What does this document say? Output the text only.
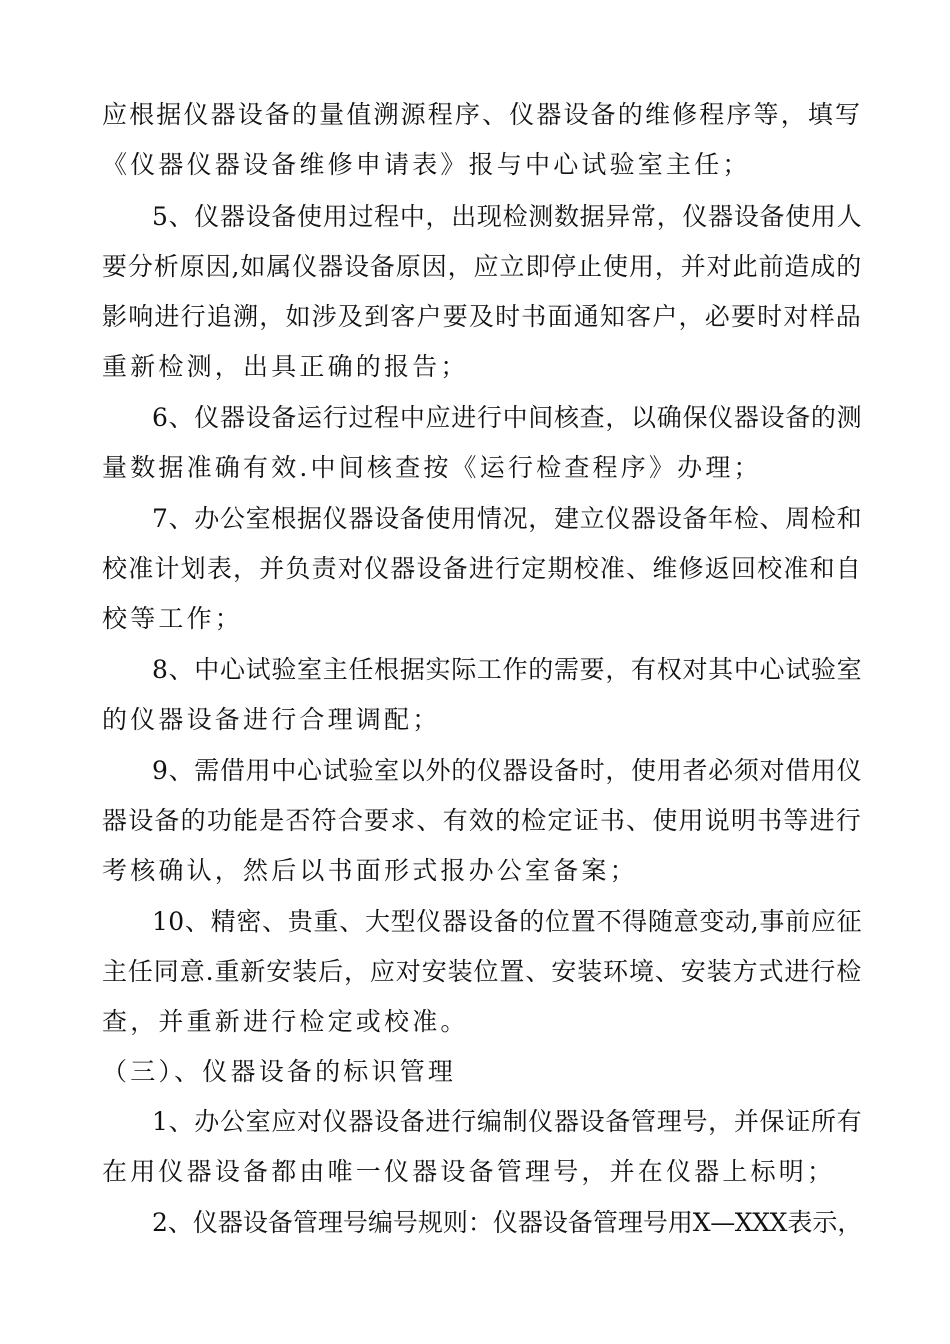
应根据仪器设备的量值溯源程序、仪器设备的维修程序等，填写
《仪器仪器设备维修申请表》报与中心试验室主任；
5、仪器设备使用过程中，出现检测数据异常，仪器设备使用人
要分析原因,如属仪器设备原因，应立即停止使用，并对此前造成的
影响进行追溯，如涉及到客户要及时书面通知客户，必要时对样品
重新检测，出具正确的报告；
6、仪器设备运行过程中应进行中间核查，以确保仪器设备的测
量数据准确有效.中间核查按《运行检查程序》办理；
7、办公室根据仪器设备使用情况，建立仪器设备年检、周检和
校准计划表，并负责对仪器设备进行定期校准、维修返回校准和自
校等工作；
8、中心试验室主任根据实际工作的需要，有权对其中心试验室
的仪器设备进行合理调配；
9、需借用中心试验室以外的仪器设备时，使用者必须对借用仪
器设备的功能是否符合要求、有效的检定证书、使用说明书等进行
考核确认，然后以书面形式报办公室备案；
10、精密、贵重、大型仪器设备的位置不得随意变动,事前应征
主任同意.重新安装后，应对安装位置、安装环境、安装方式进行检
查，并重新进行检定或校准。
（三）、仪器设备的标识管理
1、办公室应对仪器设备进行编制仪器设备管理号，并保证所有
在用仪器设备都由唯一仪器设备管理号，并在仪器上标明；
2、仪器设备管理号编号规则：仪器设备管理号用X—XXX表示，
